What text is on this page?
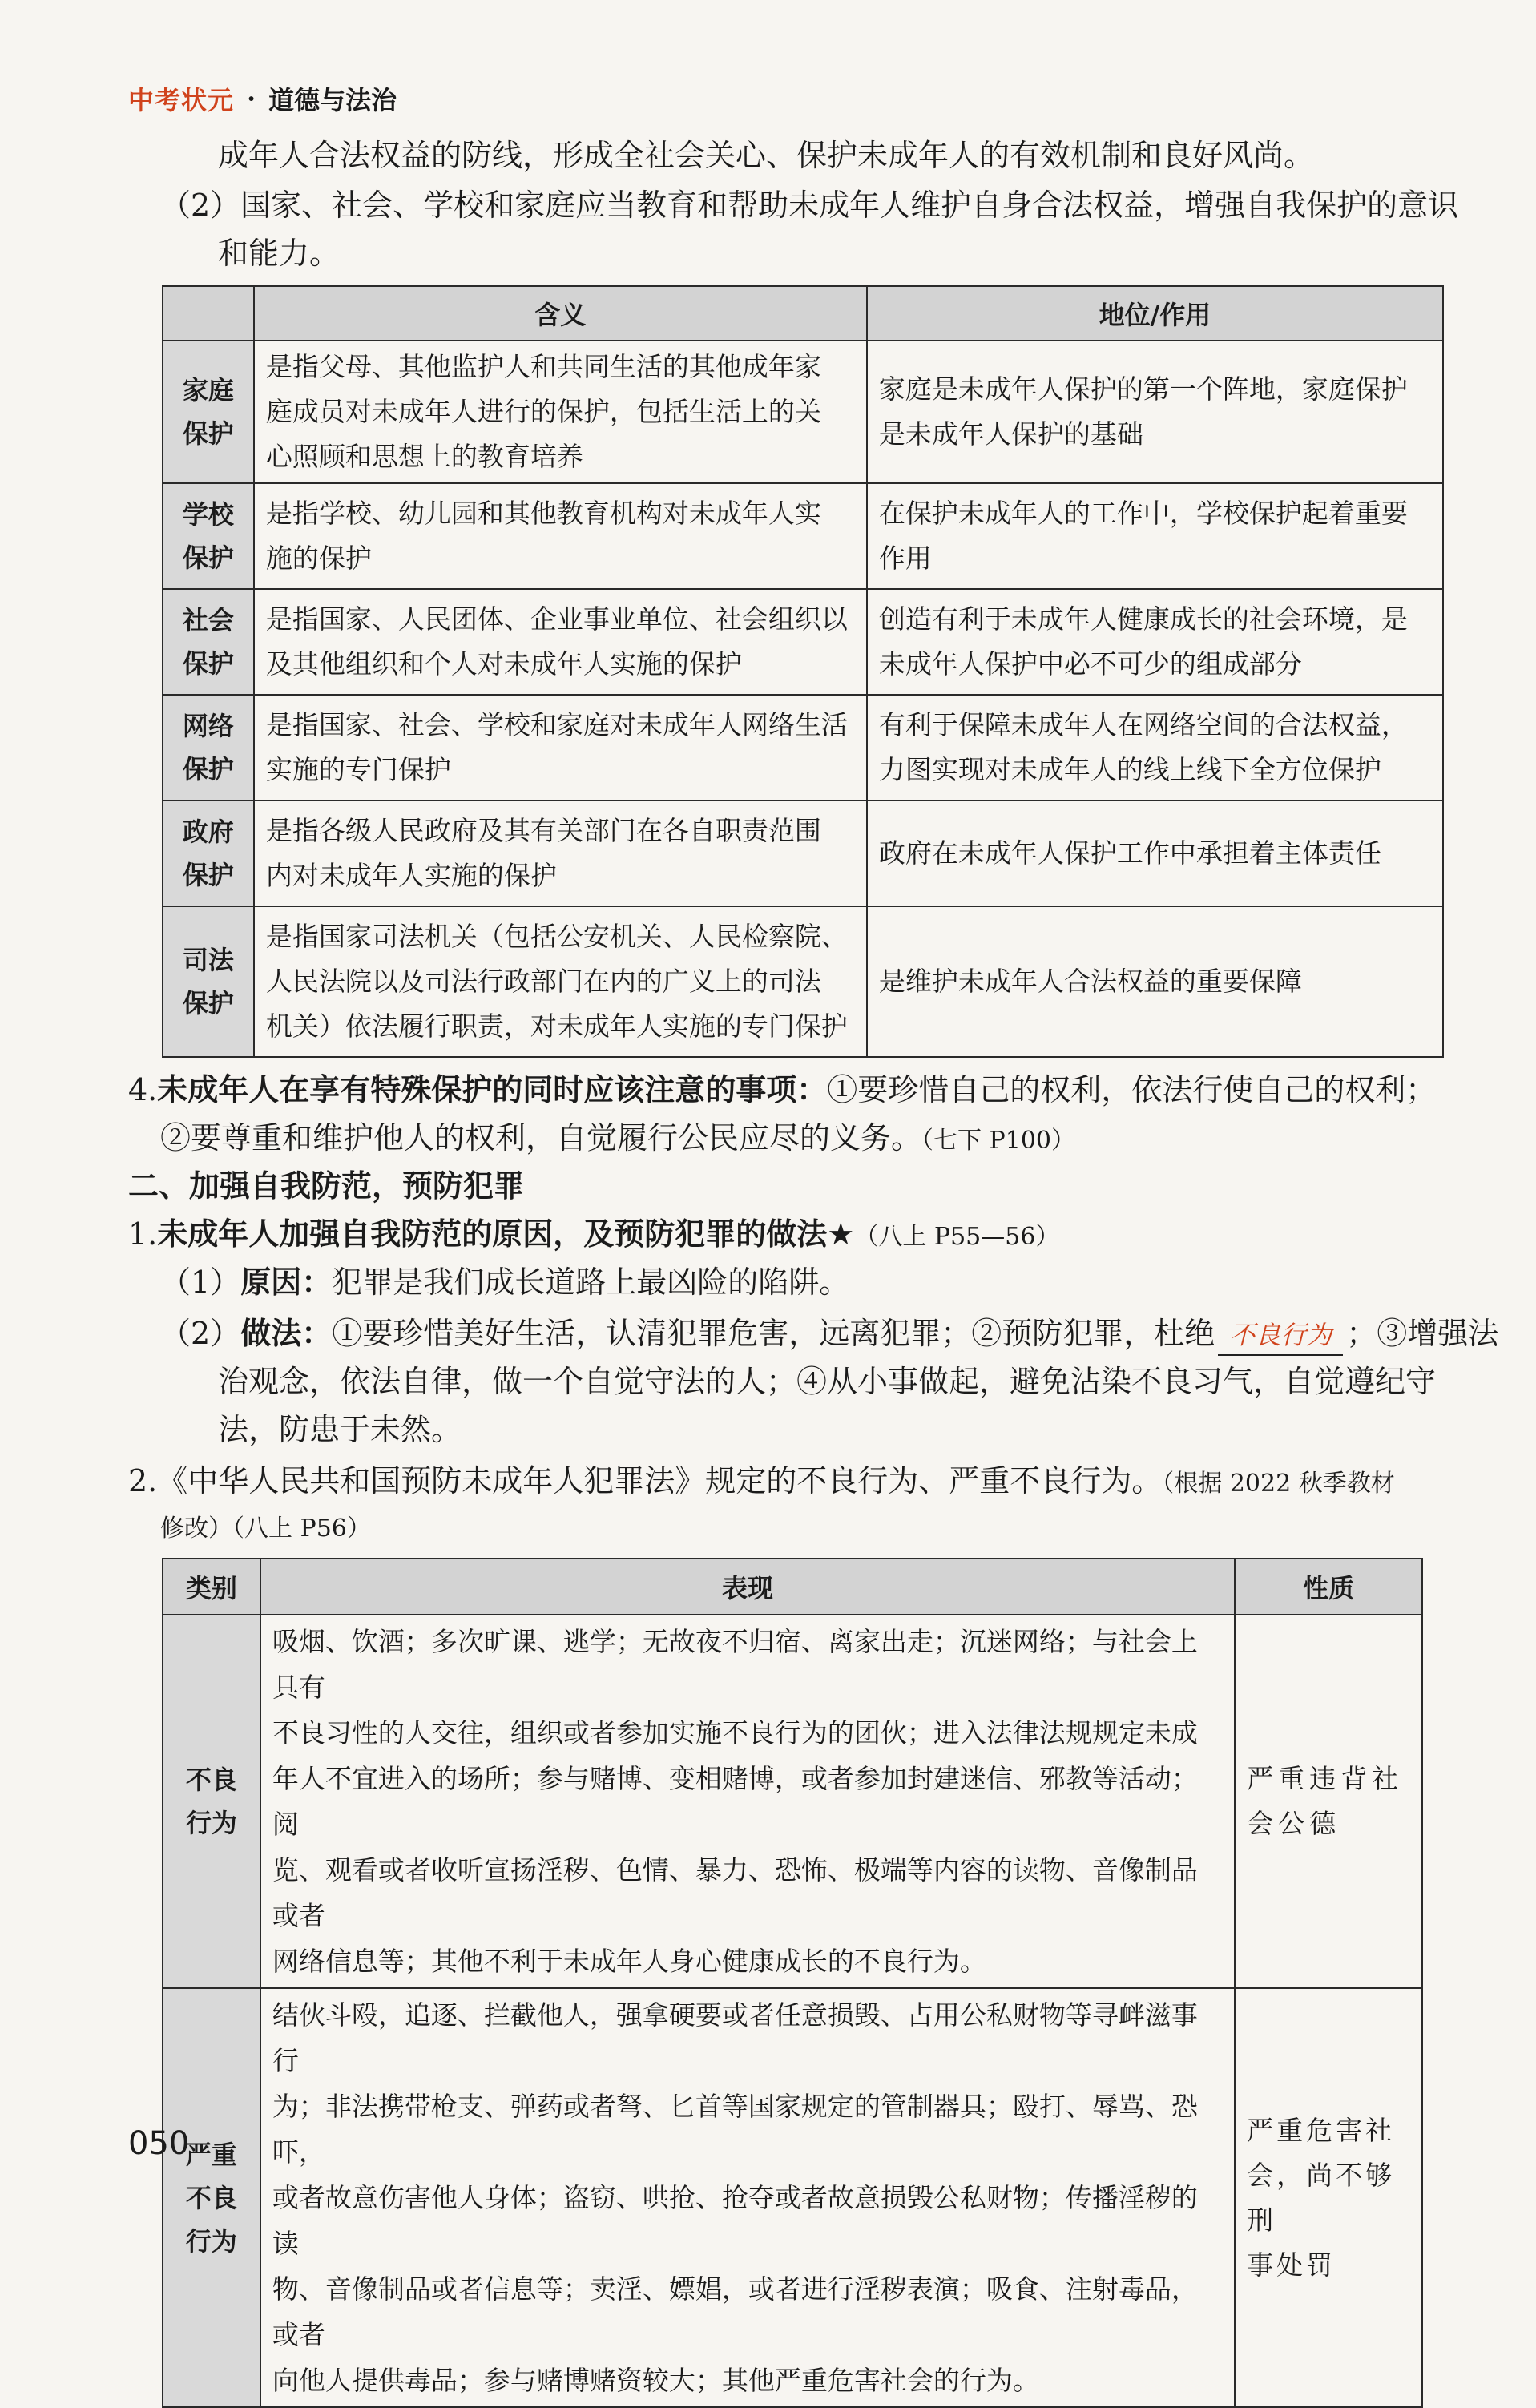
中考状元 · 道德与法治
成年人合法权益的防线，形成全社会关心、保护未成年人的有效机制和良好风尚。
（2）国家、社会、学校和家庭应当教育和帮助未成年人维护自身合法权益，增强自我保护的意识
和能力。
	含义	地位/作用
家庭
保护	是指父母、其他监护人和共同生活的其他成年家
庭成员对未成年人进行的保护，包括生活上的关
心照顾和思想上的教育培养	家庭是未成年人保护的第一个阵地，家庭保护
是未成年人保护的基础
学校
保护	是指学校、幼儿园和其他教育机构对未成年人实
施的保护	在保护未成年人的工作中，学校保护起着重要
作用
社会
保护	是指国家、人民团体、企业事业单位、社会组织以
及其他组织和个人对未成年人实施的保护	创造有利于未成年人健康成长的社会环境，是
未成年人保护中必不可少的组成部分
网络
保护	是指国家、社会、学校和家庭对未成年人网络生活
实施的专门保护	有利于保障未成年人在网络空间的合法权益，
力图实现对未成年人的线上线下全方位保护
政府
保护	是指各级人民政府及其有关部门在各自职责范围
内对未成年人实施的保护	政府在未成年人保护工作中承担着主体责任
司法
保护	是指国家司法机关（包括公安机关、人民检察院、
人民法院以及司法行政部门在内的广义上的司法
机关）依法履行职责，对未成年人实施的专门保护	是维护未成年人合法权益的重要保障
4.未成年人在享有特殊保护的同时应该注意的事项：①要珍惜自己的权利，依法行使自己的权利；
②要尊重和维护他人的权利，自觉履行公民应尽的义务。（七下 P100）
二、加强自我防范，预防犯罪
1.未成年人加强自我防范的原因，及预防犯罪的做法★（八上 P55—56）
（1）原因：犯罪是我们成长道路上最凶险的陷阱。
（2）做法：①要珍惜美好生活，认清犯罪危害，远离犯罪；②预防犯罪，杜绝 不良行为 ；③增强法
治观念，依法自律，做一个自觉守法的人；④从小事做起，避免沾染不良习气，自觉遵纪守
法，防患于未然。
2.《中华人民共和国预防未成年人犯罪法》规定的不良行为、严重不良行为。（根据 2022 秋季教材
修改）（八上 P56）
类别	表现	性质
不良
行为	吸烟、饮酒；多次旷课、逃学；无故夜不归宿、离家出走；沉迷网络；与社会上具有
不良习性的人交往，组织或者参加实施不良行为的团伙；进入法律法规规定未成
年人不宜进入的场所；参与赌博、变相赌博，或者参加封建迷信、邪教等活动；阅
览、观看或者收听宣扬淫秽、色情、暴力、恐怖、极端等内容的读物、音像制品或者
网络信息等；其他不利于未成年人身心健康成长的不良行为。	严重违背社
会公德
严重
不良
行为	结伙斗殴，追逐、拦截他人，强拿硬要或者任意损毁、占用公私财物等寻衅滋事行
为；非法携带枪支、弹药或者弩、匕首等国家规定的管制器具；殴打、辱骂、恐吓，
或者故意伤害他人身体；盗窃、哄抢、抢夺或者故意损毁公私财物；传播淫秽的读
物、音像制品或者信息等；卖淫、嫖娼，或者进行淫秽表演；吸食、注射毒品，或者
向他人提供毒品；参与赌博赌资较大；其他严重危害社会的行为。	严重危害社
会，尚不够刑
事处罚
050
